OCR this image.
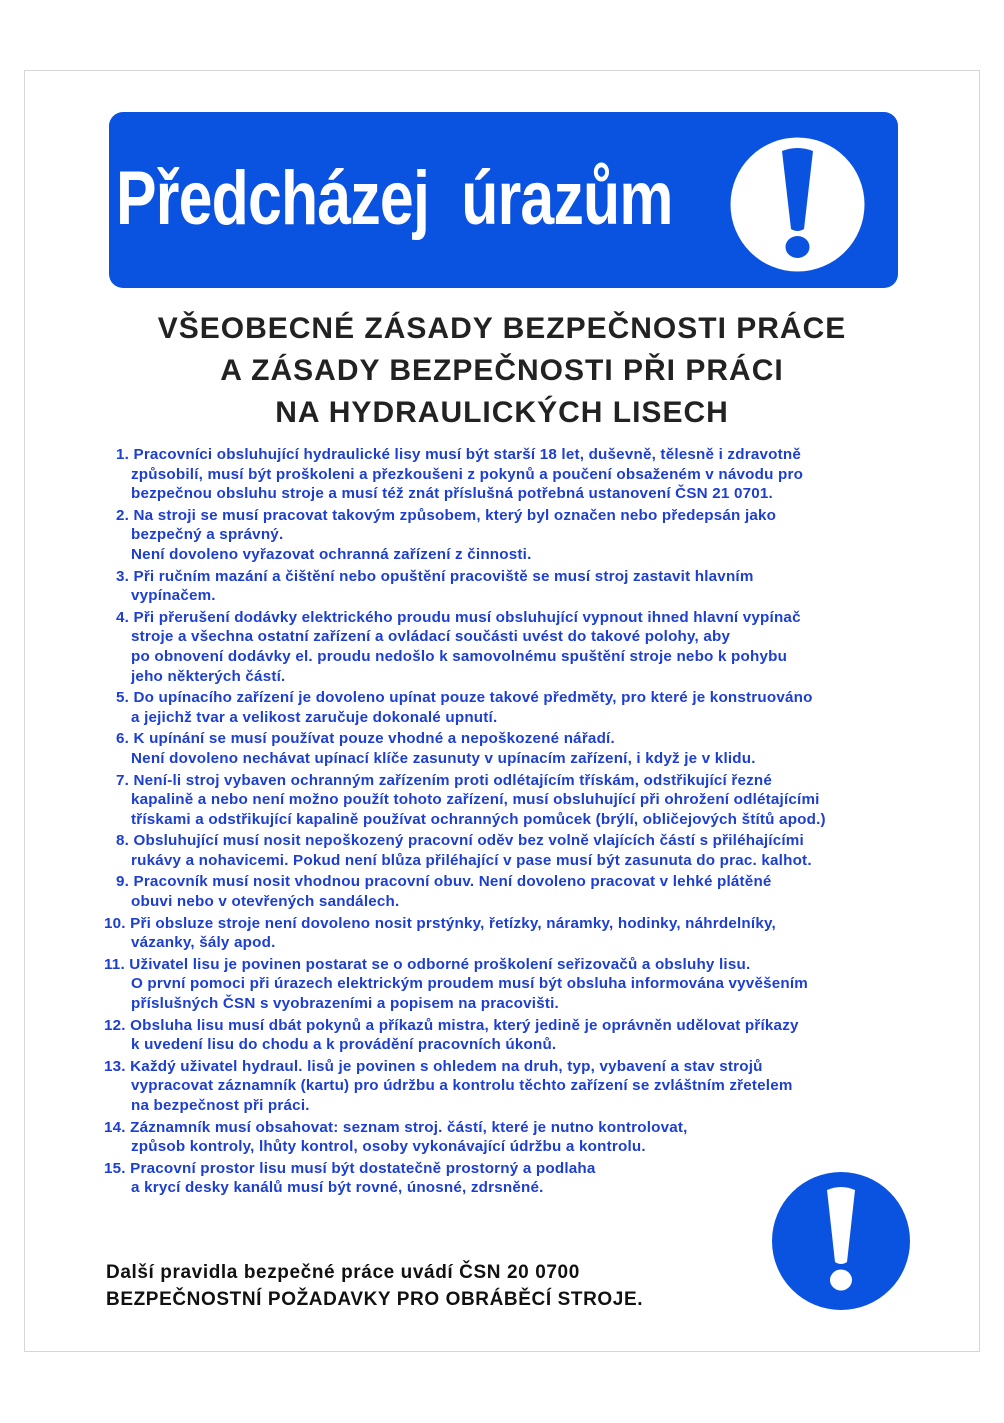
Předcházej  úrazům
VŠEOBECNÉ ZÁSADY BEZPEČNOSTI PRÁCE
A ZÁSADY BEZPEČNOSTI PŘI PRÁCI
NA HYDRAULICKÝCH LISECH
1. Pracovníci obsluhující hydraulické lisy musí být starší 18 let, duševně, tělesně i zdravotně
způsobilí, musí být proškoleni a přezkoušeni z pokynů a poučení obsaženém v návodu pro
bezpečnou obsluhu stroje a musí též znát příslušná potřebná ustanovení ČSN 21 0701.
2. Na stroji se musí pracovat takovým způsobem, který byl označen nebo předepsán jako
bezpečný a správný.
Není dovoleno vyřazovat ochranná zařízení z činnosti.
3. Při ručním mazání a čištění nebo opuštění pracoviště se musí stroj zastavit hlavním
vypínačem.
4. Při přerušení dodávky elektrického proudu musí obsluhující vypnout ihned hlavní vypínač
stroje a všechna ostatní zařízení a ovládací součásti uvést do takové polohy, aby
po obnovení dodávky el. proudu nedošlo k samovolnému spuštění stroje nebo k pohybu
jeho některých částí.
5. Do upínacího zařízení je dovoleno upínat pouze takové předměty, pro které je konstruováno
a jejichž tvar a velikost zaručuje dokonalé upnutí.
6. K upínání se musí používat pouze vhodné a nepoškozené nářadí.
Není dovoleno nechávat upínací klíče zasunuty v upínacím zařízení, i když je v klidu.
7. Není-li stroj vybaven ochranným zařízením proti odlétajícím třískám, odstřikující řezné
kapalině a nebo není možno použít tohoto zařízení, musí obsluhující při ohrožení odlétajícími
třískami a odstřikující kapalině používat ochranných pomůcek (brýlí, obličejových štítů apod.)
8. Obsluhující musí nosit nepoškozený pracovní oděv bez volně vlajících částí s přiléhajícími
rukávy a nohavicemi. Pokud není blůza přiléhající v pase musí být zasunuta do prac. kalhot.
9. Pracovník musí nosit vhodnou pracovní obuv. Není dovoleno pracovat v lehké plátěné
obuvi nebo v otevřených sandálech.
10. Při obsluze stroje není dovoleno nosit prstýnky, řetízky, náramky, hodinky, náhrdelníky,
vázanky, šály apod.
11. Uživatel lisu je povinen postarat se o odborné proškolení seřizovačů a obsluhy lisu.
O první pomoci při úrazech elektrickým proudem musí být obsluha informována vyvěšením
příslušných ČSN s vyobrazeními a popisem na pracovišti.
12. Obsluha lisu musí dbát pokynů a příkazů mistra, který jedině je oprávněn udělovat příkazy
k uvedení lisu do chodu a k provádění pracovních úkonů.
13. Každý uživatel hydraul. lisů je povinen s ohledem na druh, typ, vybavení a stav strojů
vypracovat záznamník (kartu) pro údržbu a kontrolu těchto zařízení se zvláštním zřetelem
na bezpečnost při práci.
14. Záznamník musí obsahovat: seznam stroj. částí, které je nutno kontrolovat,
způsob kontroly, lhůty kontrol, osoby vykonávající údržbu a kontrolu.
15. Pracovní prostor lisu musí být dostatečně prostorný a podlaha
a krycí desky kanálů musí být rovné, únosné, zdrsněné.
Další pravidla bezpečné práce uvádí ČSN 20 0700
BEZPEČNOSTNÍ POŽADAVKY PRO OBRÁBĚCÍ STROJE.
